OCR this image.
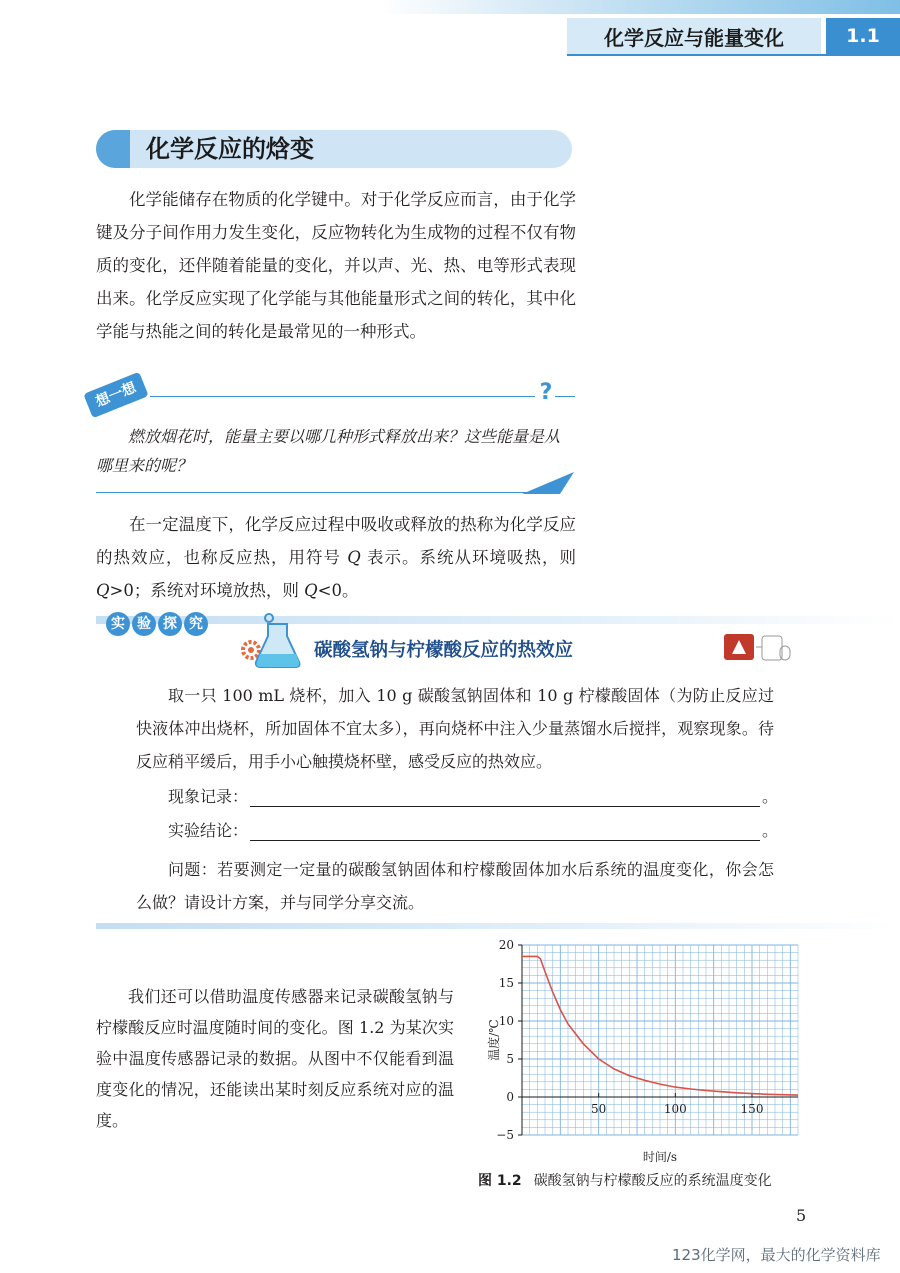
化学反应与能量变化	1.1
化学反应的焓变

化学能储存在物质的化学键中。对于化学反应而言，由于化学键及分子间作用力发生变化，反应物转化为生成物的过程不仅有物质的变化，还伴随着能量的变化，并以声、光、热、电等形式表现出来。化学反应实现了化学能与其他能量形式之间的转化，其中化学能与热能之间的转化是最常见的一种形式。

想一想	?

燃放烟花时，能量主要以哪几种形式释放出来？这些能量是从哪里来的呢？

在一定温度下，化学反应过程中吸收或释放的热称为化学反应的热效应，也称反应热，用符号 Q 表示。系统从环境吸热，则 Q>0；系统对环境放热，则 Q<0。

实 验 探 究
碳酸氢钠与柠檬酸反应的热效应

取一只 100 mL 烧杯，加入 10 g 碳酸氢钠固体和 10 g 柠檬酸固体（为防止反应过快液体冲出烧杯，所加固体不宜太多），再向烧杯中注入少量蒸馏水后搅拌，观察现象。待反应稍平缓后，用手小心触摸烧杯壁，感受反应的热效应。

现象记录：	。
实验结论：	。

问题：若要测定一定量的碳酸氢钠固体和柠檬酸固体加水后系统的温度变化，你会怎么做？请设计方案，并与同学分享交流。

我们还可以借助温度传感器来记录碳酸氢钠与柠檬酸反应时温度随时间的变化。图 1.2 为某次实验中温度传感器记录的数据。从图中不仅能看到温度变化的情况，还能读出某时刻反应系统对应的温度。

20
15
10
5
0
−5
50	100	150
温度/℃
时间/s
图 1.2 碳酸氢钠与柠檬酸反应的系统温度变化
5
123化学网，最大的化学资料库
